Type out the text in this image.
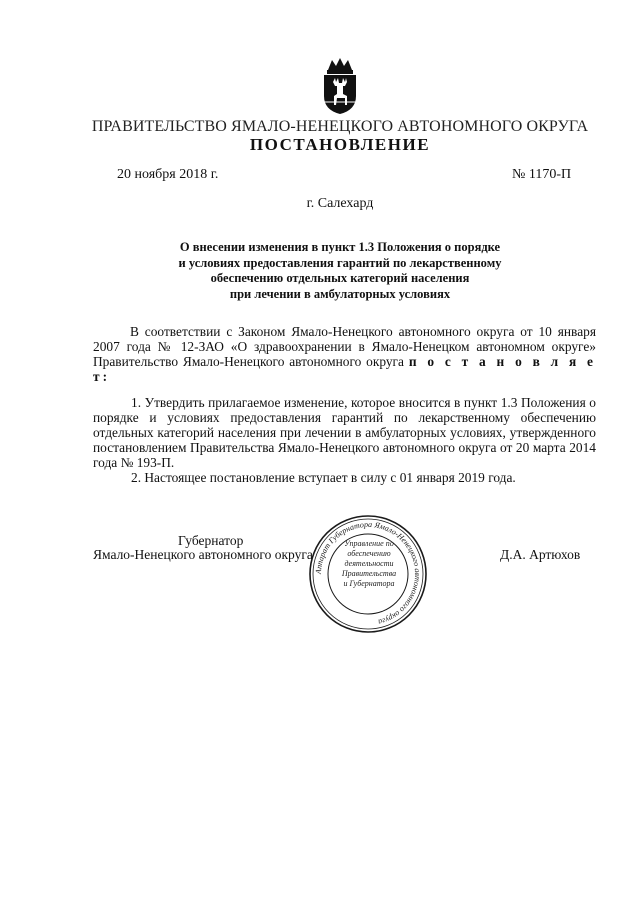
ПРАВИТЕЛЬСТВО ЯМАЛО-НЕНЕЦКОГО АВТОНОМНОГО ОКРУГА
ПОСТАНОВЛЕНИЕ
20 ноября 2018 г.	№ 1170-П
г. Салехард
О внесении изменения в пункт 1.3 Положения о порядке
и условиях предоставления гарантий по лекарственному
обеспечению отдельных категорий населения
при лечении в амбулаторных условиях

В соответствии с Законом Ямало-Ненецкого автономного округа от 10 января 2007 года № 12-ЗАО «О здравоохранении в Ямало-Ненецком автономном округе» Правительство Ямало-Ненецкого автономного округа п о с т а н о в л я е т:

1. Утвердить прилагаемое изменение, которое вносится в пункт 1.3 Положения о порядке и условиях предоставления гарантий по лекарственному обеспечению отдельных категорий населения при лечении в амбулаторных условиях, утвержденного постановлением Правительства Ямало-Ненецкого автономного округа от 20 марта 2014 года № 193-П.

2. Настоящее постановление вступает в силу с 01 января 2019 года.

Губернатор
Ямало-Ненецкого автономного округа	Д.А. Артюхов
Аппарат Губернатора Ямало-Ненецкого автономного округа
Управление по
обеспечению
деятельности
Правительства
и Губернатора
